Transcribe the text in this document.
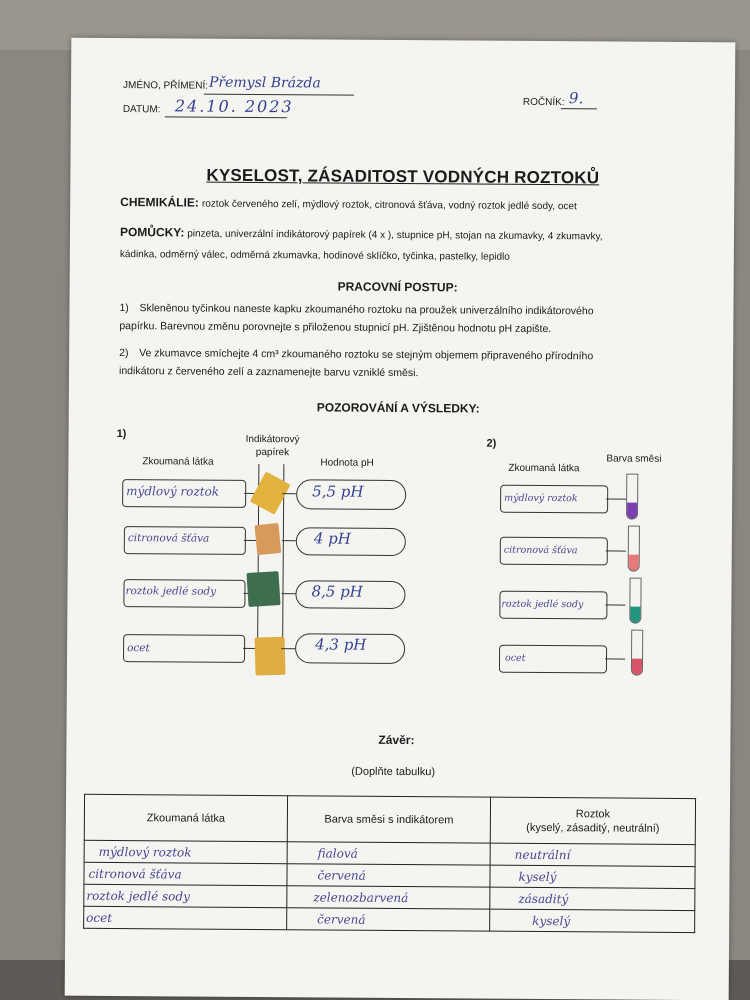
JMÉNO, PŘÍMENÍ: Přemysl Brázda
DATUM: 24.10. 2023	ROČNÍK: 9.
KYSELOST, ZÁSADITOST VODNÝCH ROZTOKŮ
CHEMIKÁLIE: roztok červeného zelí, mýdlový roztok, citronová šťáva, vodný roztok jedlé sody, ocet
POMŮCKY: pinzeta, univerzální indikátorový papírek (4 x ), stupnice pH, stojan na zkumavky, 4 zkumavky,
kádinka, odměrný válec, odměrná zkumavka, hodinové sklíčko, tyčinka, pastelky, lepidlo
PRACOVNÍ POSTUP:
1) Skleněnou tyčinkou naneste kapku zkoumaného roztoku na proužek univerzálního indikátorového
papírku. Barevnou změnu porovnejte s přiloženou stupnicí pH. Zjištěnou hodnotu pH zapište.
2) Ve zkumavce smíchejte 4 cm³ zkoumaného roztoku se stejným objemem připraveného přírodního
indikátoru z červeného zelí a zaznamenejte barvu vzniklé směsi.
POZOROVÁNÍ A VÝSLEDKY:
1)
Zkoumaná látka
Indikátorový papírek
Hodnota pH
mýdlový roztok	5,5 pH
citronová šťáva	4 pH
roztok jedlé sody	8,5 pH
ocet	4,3 pH
2)
Zkoumaná látka
Barva směsi
mýdlový roztok
citronová šťáva
roztok jedlé sody
ocet
Závěr:
(Doplňte tabulku)
Zkoumaná látka	Barva směsi s indikátorem	Roztok
(kyselý, zásaditý, neutrální)

mýdlový roztok	fialová	neutrální
citronová šťáva	červená	kyselý
roztok jedlé sody	zelenozbarvená	zásaditý
ocet	červená	kyselý
